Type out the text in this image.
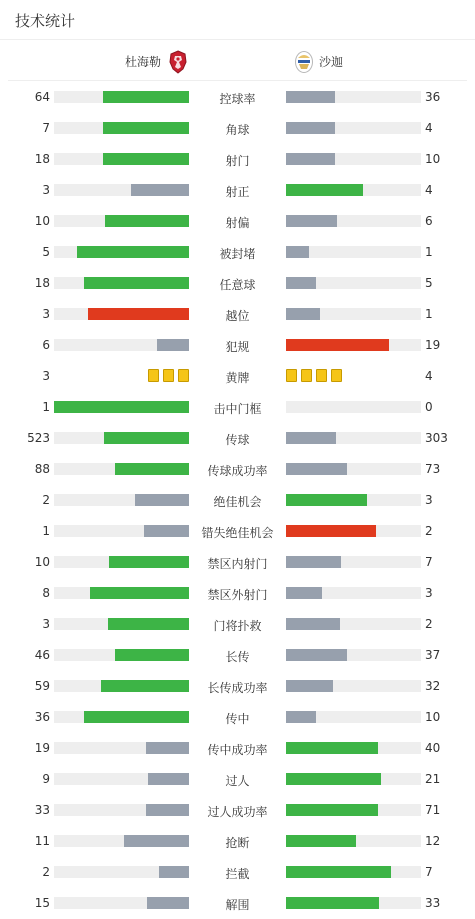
技术统计
杜海勒	沙迦
64	控球率	36
7	角球	4
18	射门	10
3	射正	4
10	射偏	6
5	被封堵	1
18	任意球	5
3	越位	1
6	犯规	19
3	黄牌	4
1	击中门框	0
523	传球	303
88	传球成功率	73
2	绝佳机会	3
1	错失绝佳机会	2
10	禁区内射门	7
8	禁区外射门	3
3	门将扑救	2
46	长传	37
59	长传成功率	32
36	传中	10
19	传中成功率	40
9	过人	21
33	过人成功率	71
11	抢断	12
2	拦截	7
15	解围	33
